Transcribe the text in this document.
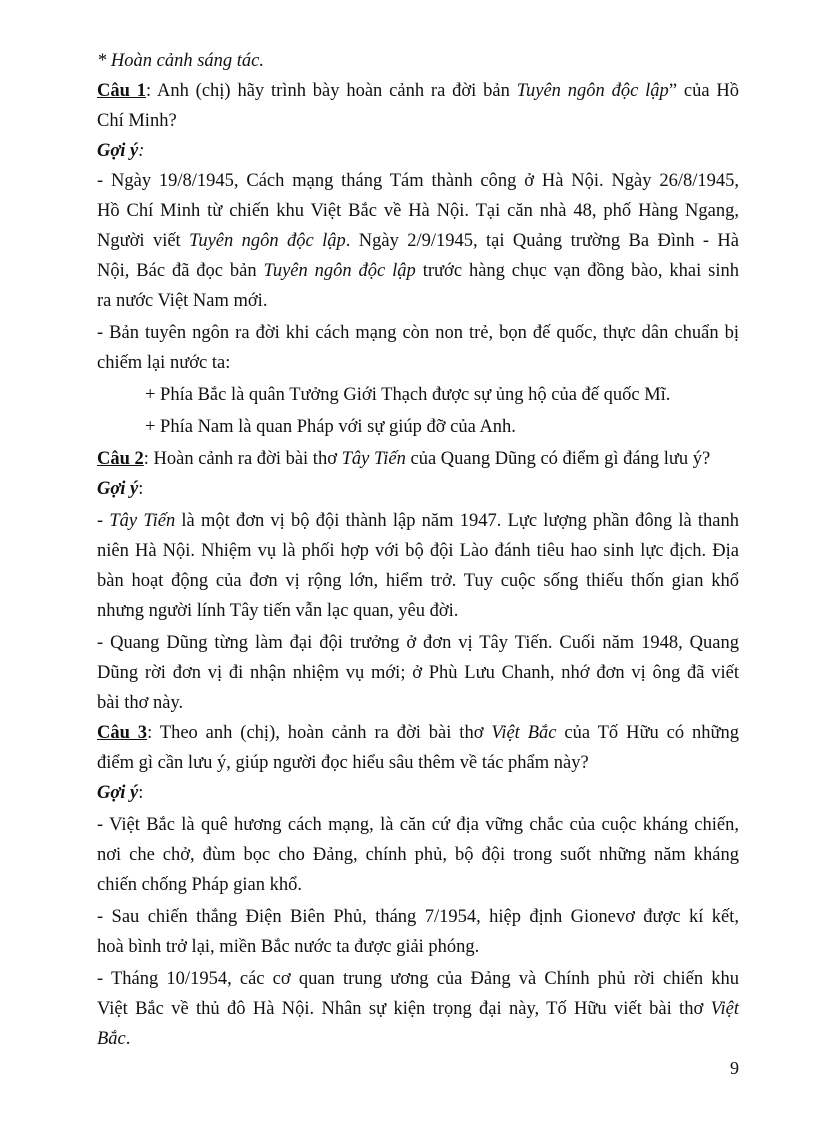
* Hoàn cảnh sáng tác.

Câu 1: Anh (chị) hãy trình bày hoàn cảnh ra đời bản Tuyên ngôn độc lập” của Hồ

Chí Minh?

Gợi ý:

- Ngày 19/8/1945, Cách mạng tháng Tám thành công ở Hà Nội. Ngày 26/8/1945,

Hồ Chí Minh từ chiến khu Việt Bắc về Hà Nội. Tại căn nhà 48, phố Hàng Ngang,

Người viết Tuyên ngôn độc lập. Ngày 2/9/1945, tại Quảng trường Ba Đình - Hà

Nội, Bác đã đọc bản Tuyên ngôn độc lập trước hàng chục vạn đồng bào, khai sinh

ra nước Việt Nam mới.

- Bản tuyên ngôn ra đời khi cách mạng còn non trẻ, bọn đế quốc, thực dân chuẩn bị

chiếm lại nước ta:

+ Phía Bắc là quân Tưởng Giới Thạch được sự ủng hộ của đế quốc Mĩ.

+ Phía Nam là quan Pháp với sự giúp đỡ của Anh.

Câu 2: Hoàn cảnh ra đời bài thơ Tây Tiến của Quang Dũng có điểm gì đáng lưu ý?

Gợi ý:

- Tây Tiến là một đơn vị bộ đội thành lập năm 1947. Lực lượng phần đông là thanh

niên Hà Nội. Nhiệm vụ là phối hợp với bộ đội Lào đánh tiêu hao sinh lực địch. Địa

bàn hoạt động của đơn vị rộng lớn, hiểm trở. Tuy cuộc sống thiếu thốn gian khổ

nhưng người lính Tây tiến vẫn lạc quan, yêu đời.

- Quang Dũng từng làm đại đội trưởng ở đơn vị Tây Tiến. Cuối năm 1948, Quang

Dũng rời đơn vị đi nhận nhiệm vụ mới; ở Phù Lưu Chanh, nhớ đơn vị ông đã viết

bài thơ này.

Câu 3: Theo anh (chị), hoàn cảnh ra đời bài thơ Việt Bắc của Tố Hữu có những

điểm gì cần lưu ý, giúp người đọc hiểu sâu thêm về tác phẩm này?

Gợi ý:

- Việt Bắc là quê hương cách mạng, là căn cứ địa vững chắc của cuộc kháng chiến,

nơi che chở, đùm bọc cho Đảng, chính phủ, bộ đội trong suốt những năm kháng

chiến chống Pháp gian khổ.

- Sau chiến thắng Điện Biên Phủ, tháng 7/1954, hiệp định Gionevơ được kí kết,

hoà bình trở lại, miền Bắc nước ta được giải phóng.

- Tháng 10/1954, các cơ quan trung ương của Đảng và Chính phủ rời chiến khu

Việt Bắc về thủ đô Hà Nội. Nhân sự kiện trọng đại này, Tố Hữu viết bài thơ Việt

Bắc.

9
